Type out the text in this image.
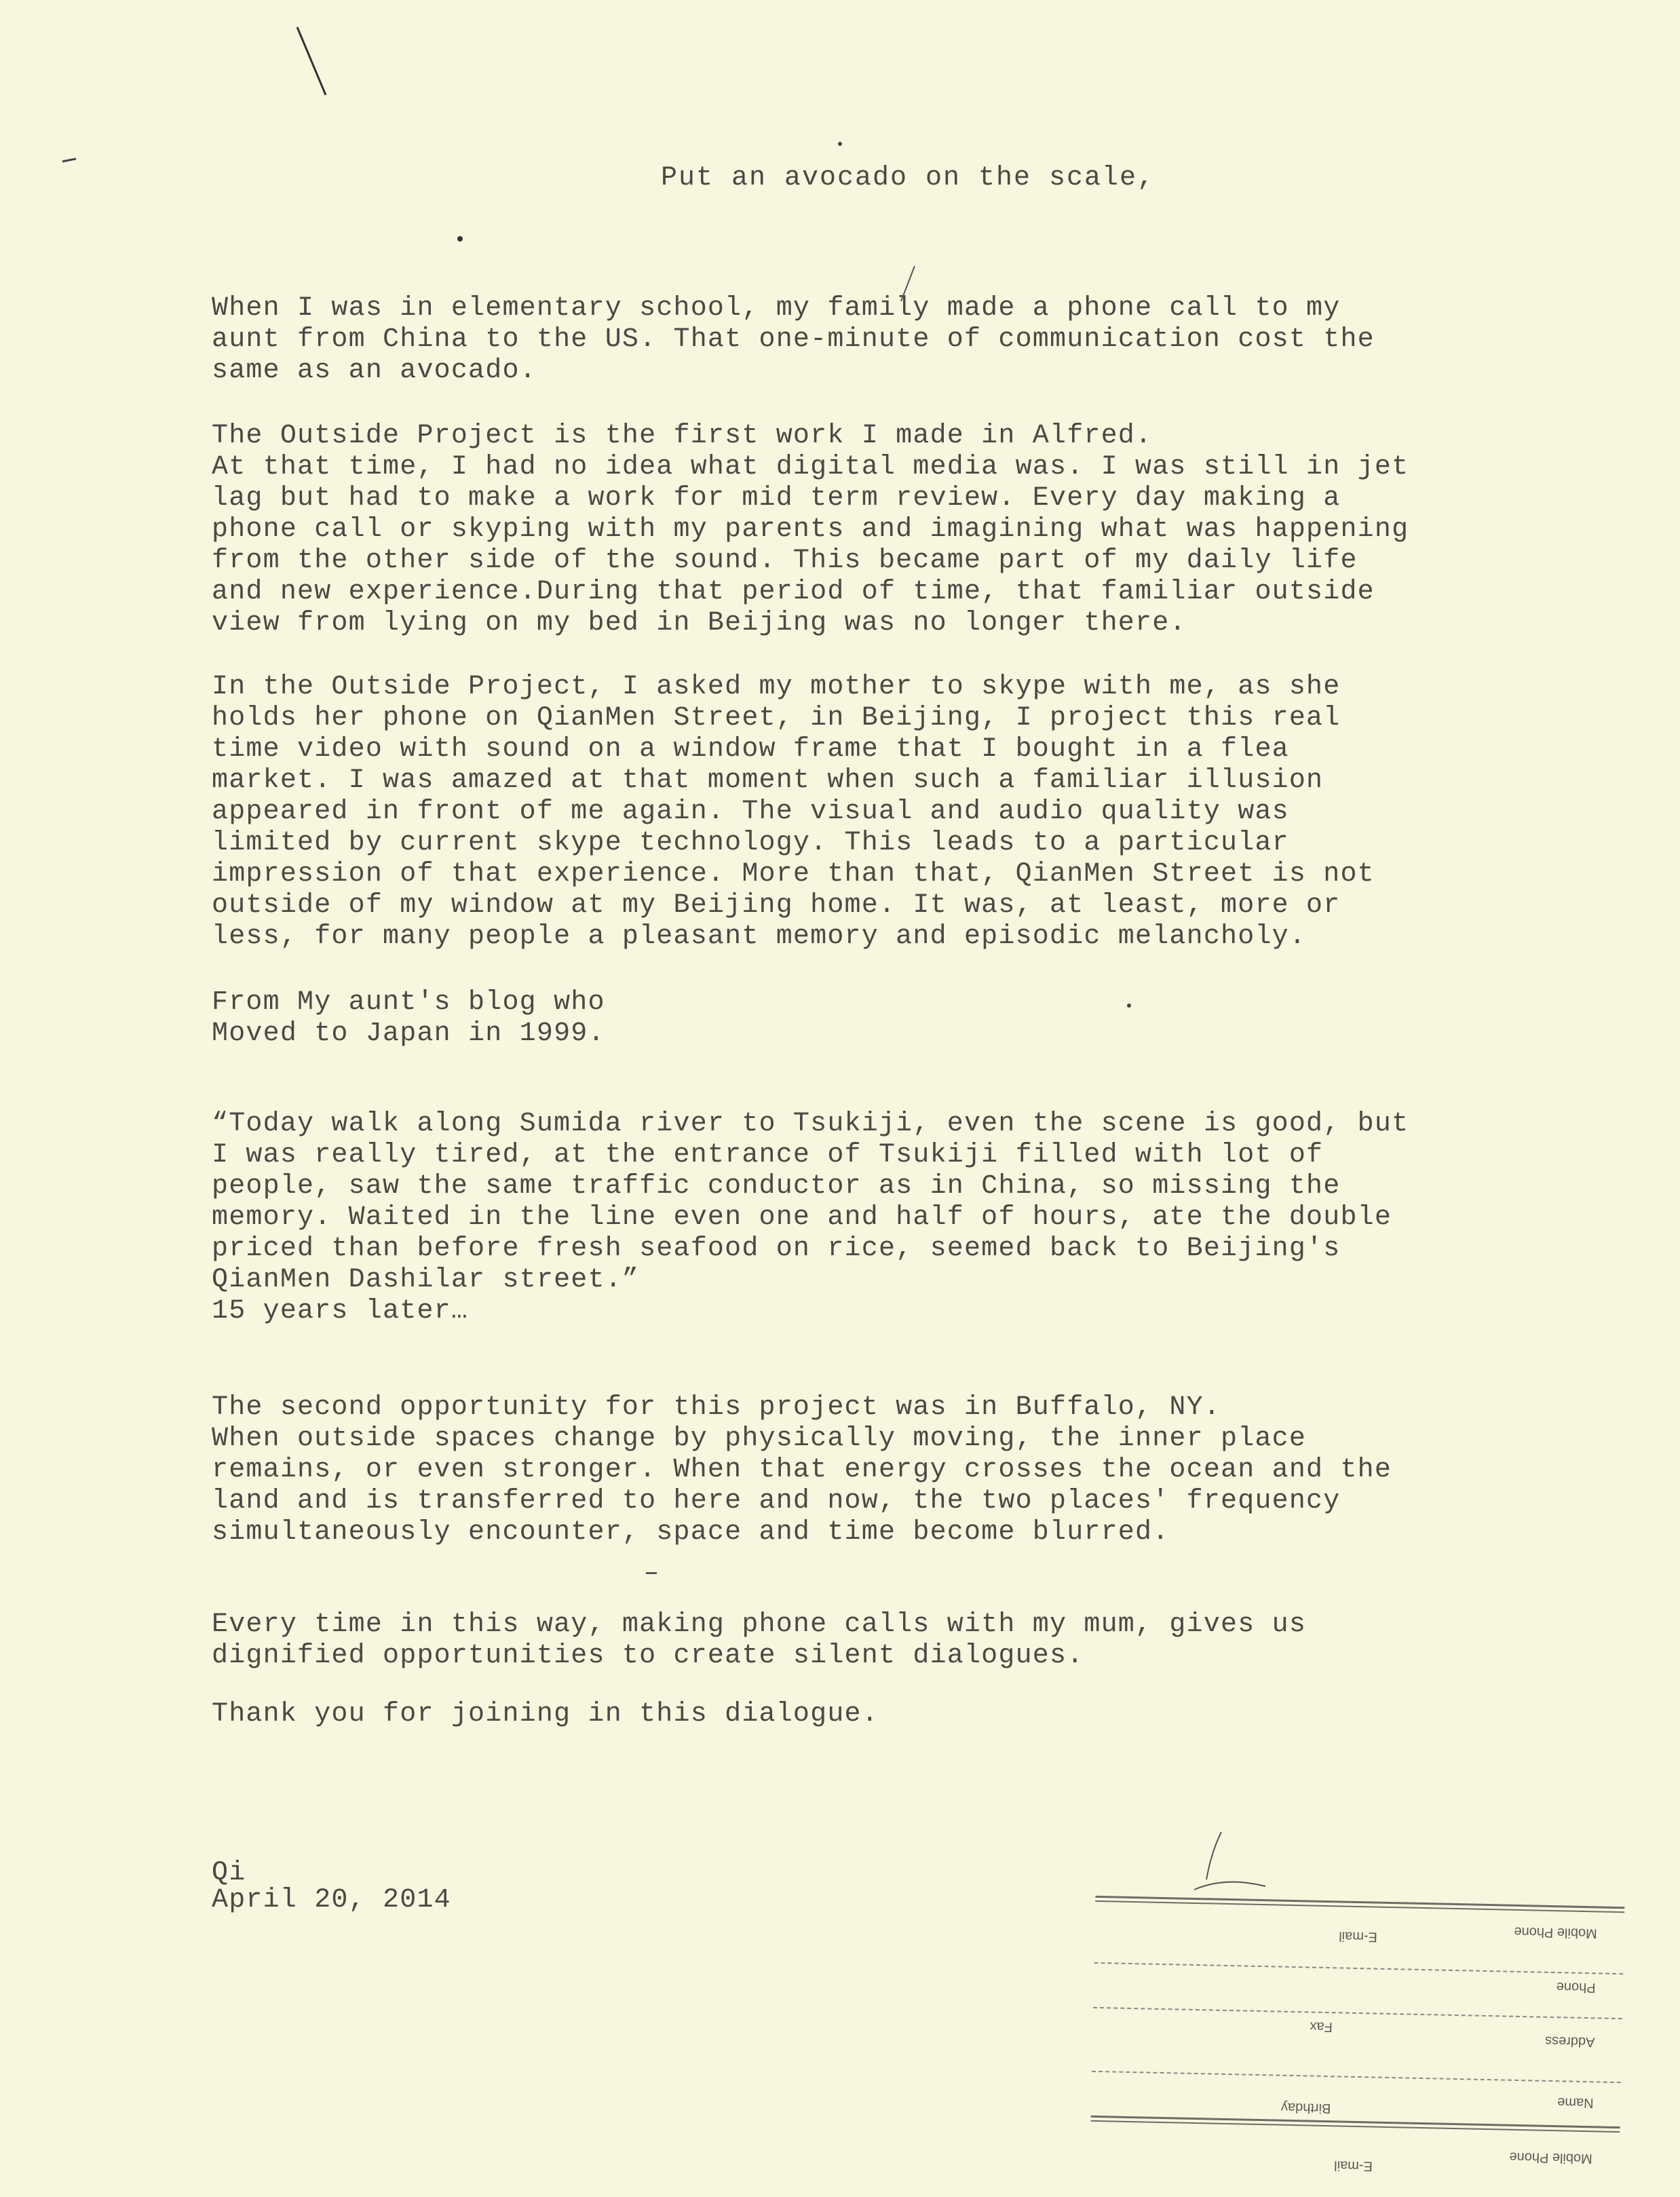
Put an avocado on the scale,

When I was in elementary school, my family made a phone call to my
aunt from China to the US. That one-minute of communication cost the
same as an avocado.

The Outside Project is the first work I made in Alfred.
At that time, I had no idea what digital media was. I was still in jet
lag but had to make a work for mid term review. Every day making a
phone call or skyping with my parents and imagining what was happening
from the other side of the sound. This became part of my daily life
and new experience.During that period of time, that familiar outside
view from lying on my bed in Beijing was no longer there.

In the Outside Project, I asked my mother to skype with me, as she
holds her phone on QianMen Street, in Beijing, I project this real
time video with sound on a window frame that I bought in a flea
market. I was amazed at that moment when such a familiar illusion
appeared in front of me again. The visual and audio quality was
limited by current skype technology. This leads to a particular
impression of that experience. More than that, QianMen Street is not
outside of my window at my Beijing home. It was, at least, more or
less, for many people a pleasant memory and episodic melancholy.

From My aunt's blog who
Moved to Japan in 1999.

“Today walk along Sumida river to Tsukiji, even the scene is good, but
I was really tired, at the entrance of Tsukiji filled with lot of
people, saw the same traffic conductor as in China, so missing the
memory. Waited in the line even one and half of hours, ate the double
priced than before fresh seafood on rice, seemed back to Beijing's
QianMen Dashilar street.”
15 years later…

The second opportunity for this project was in Buffalo, NY.
When outside spaces change by physically moving, the inner place
remains, or even stronger. When that energy crosses the ocean and the
land and is transferred to here and now, the two places' frequency
simultaneously encounter, space and time become blurred.

Every time in this way, making phone calls with my mum, gives us
dignified opportunities to create silent dialogues.

Thank you for joining in this dialogue.

Qi

April 20, 2014

Mobile Phone
E-mail
Phone
Fax
Address
Name
Birthday
Mobile Phone
E-mail
